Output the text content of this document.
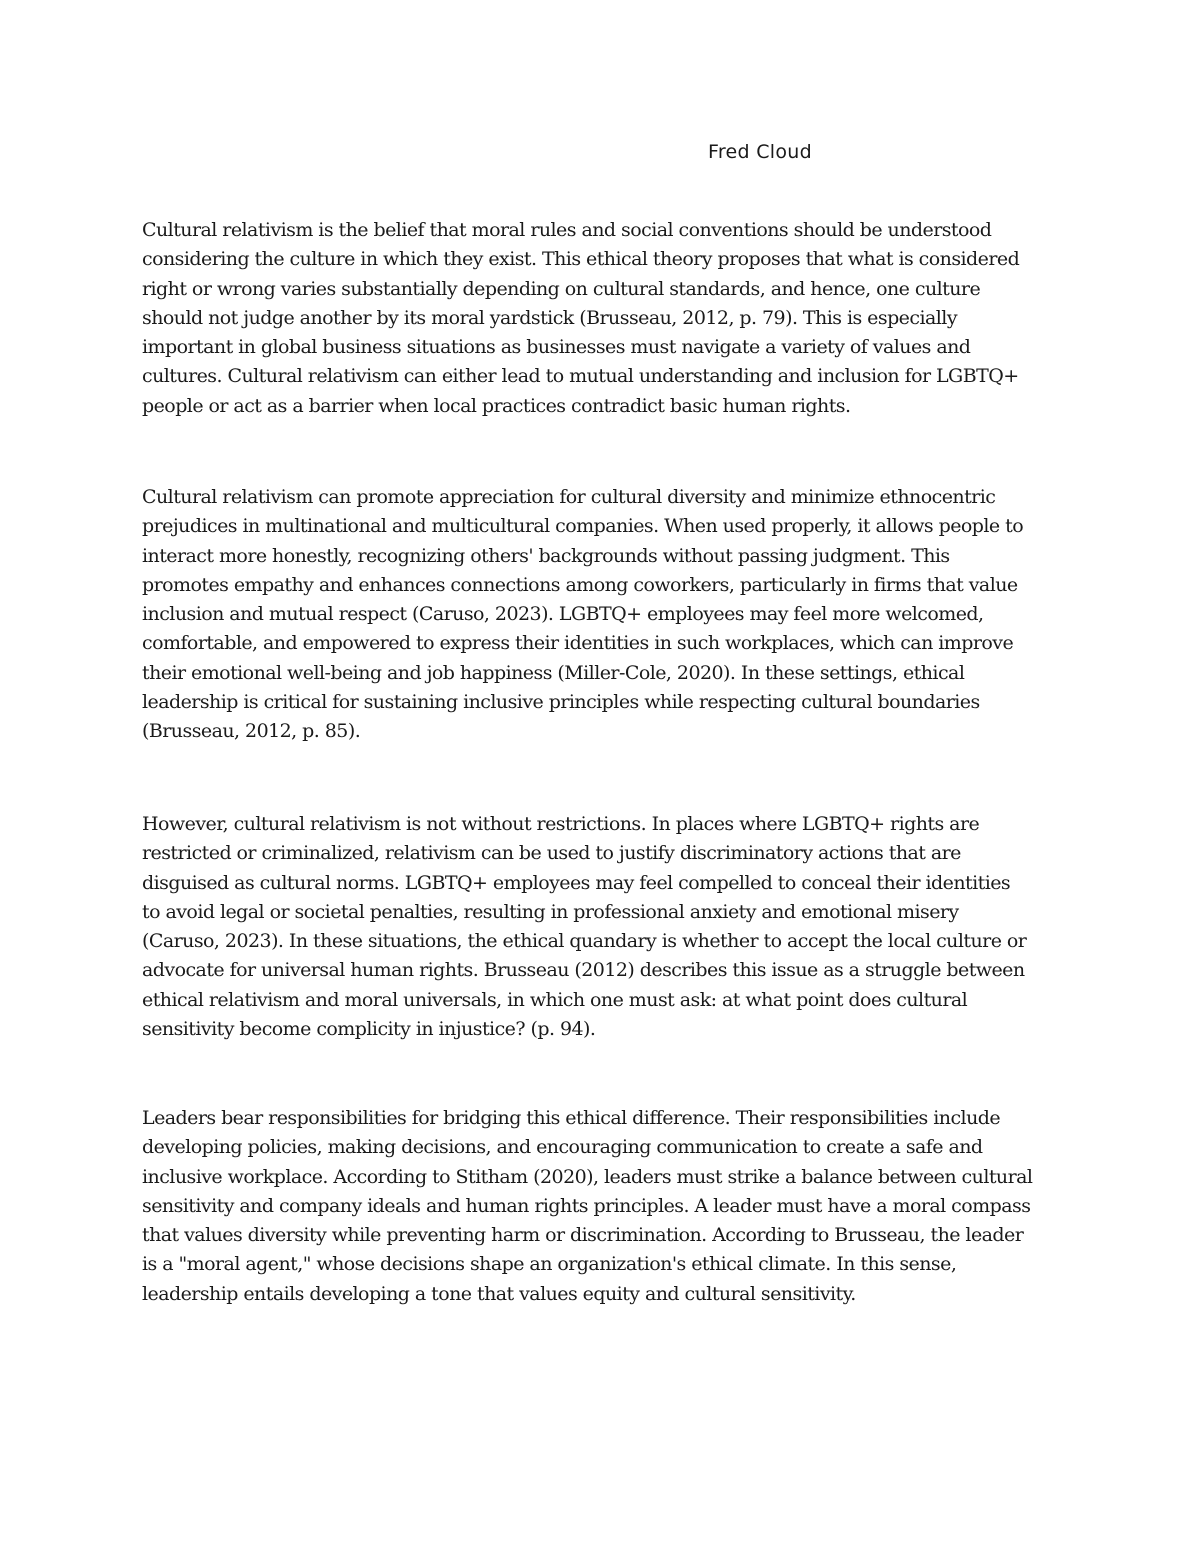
Fred Cloud

Cultural relativism is the belief that moral rules and social conventions should be understood
considering the culture in which they exist. This ethical theory proposes that what is considered
right or wrong varies substantially depending on cultural standards, and hence, one culture
should not judge another by its moral yardstick (Brusseau, 2012, p. 79). This is especially
important in global business situations as businesses must navigate a variety of values and
cultures. Cultural relativism can either lead to mutual understanding and inclusion for LGBTQ+
people or act as a barrier when local practices contradict basic human rights.

Cultural relativism can promote appreciation for cultural diversity and minimize ethnocentric
prejudices in multinational and multicultural companies. When used properly, it allows people to
interact more honestly, recognizing others' backgrounds without passing judgment. This
promotes empathy and enhances connections among coworkers, particularly in firms that value
inclusion and mutual respect (Caruso, 2023). LGBTQ+ employees may feel more welcomed,
comfortable, and empowered to express their identities in such workplaces, which can improve
their emotional well-being and job happiness (Miller-Cole, 2020). In these settings, ethical
leadership is critical for sustaining inclusive principles while respecting cultural boundaries
(Brusseau, 2012, p. 85).

However, cultural relativism is not without restrictions. In places where LGBTQ+ rights are
restricted or criminalized, relativism can be used to justify discriminatory actions that are
disguised as cultural norms. LGBTQ+ employees may feel compelled to conceal their identities
to avoid legal or societal penalties, resulting in professional anxiety and emotional misery
(Caruso, 2023). In these situations, the ethical quandary is whether to accept the local culture or
advocate for universal human rights. Brusseau (2012) describes this issue as a struggle between
ethical relativism and moral universals, in which one must ask: at what point does cultural
sensitivity become complicity in injustice? (p. 94).

Leaders bear responsibilities for bridging this ethical difference. Their responsibilities include
developing policies, making decisions, and encouraging communication to create a safe and
inclusive workplace. According to Stitham (2020), leaders must strike a balance between cultural
sensitivity and company ideals and human rights principles. A leader must have a moral compass
that values diversity while preventing harm or discrimination. According to Brusseau, the leader
is a "moral agent," whose decisions shape an organization's ethical climate. In this sense,
leadership entails developing a tone that values equity and cultural sensitivity.
